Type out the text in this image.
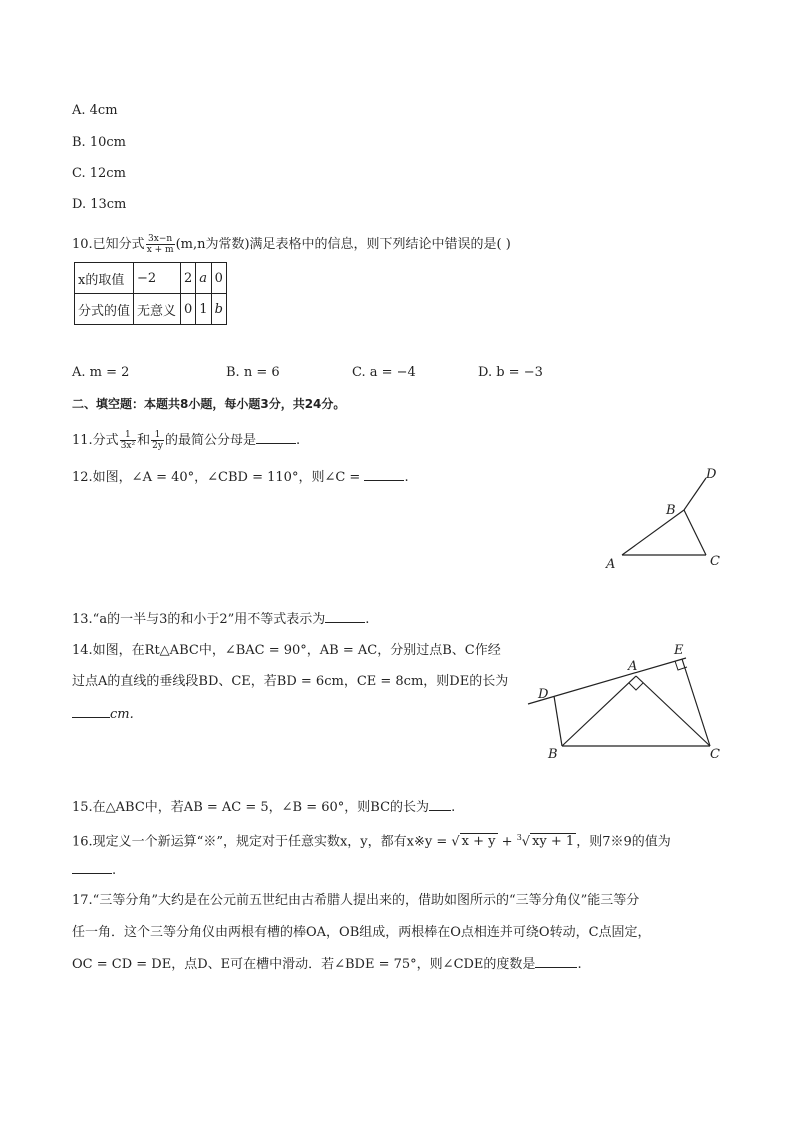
A. 4cm
B. 10cm
C. 12cm
D. 13cm
10.已知分式 $\frac{3x-n}{x + m} (m,n$为常数)满足表格中的信息，则下列结论中错误的是( )
x的取值	−2	2	a	0
分式的值	无意义	0	1	b
A. m = 2	B. n = 6	C. a = −4	D. b = −3
二、填空题：本题共8小题，每小题3分，共24分。
11.分式 $\frac{1}{\text{3x²}}$ 和 $\frac{1}{2y}$ 的最简公分母是	.
12.如图，∠A = 40°，∠CBD = 110°，则∠C =	.	D
B
A	C
13.“a的一半与3的和小于2”用不等式表示为	.
14.如图，在Rt△ABC中，∠BAC = 90°，AB = AC，分别过点B、C作经
过点A的直线的垂线段BD、CE，若BD = 6cm，CE = 8cm，则DE的长为
cm.
E
A
D
B	C
15.在△ABC中，若AB = AC = 5，∠B = 60°，则BC的长为 .
16.现定义一个新运算“※”，规定对于任意实数x，y，都有x※y = √ x + y + $^3$√ xy + 1 ，则7※9的值为
.
17.“三等分角”大约是在公元前五世纪由古希腊人提出来的，借助如图所示的“三等分角仪”能三等分
任一角．这个三等分角仪由两根有槽的棒OA，OB组成，两根棒在O点相连并可绕O转动，C点固定，
OC = CD = DE，点D、E可在槽中滑动．若∠BDE = 75°，则∠CDE的度数是	.
